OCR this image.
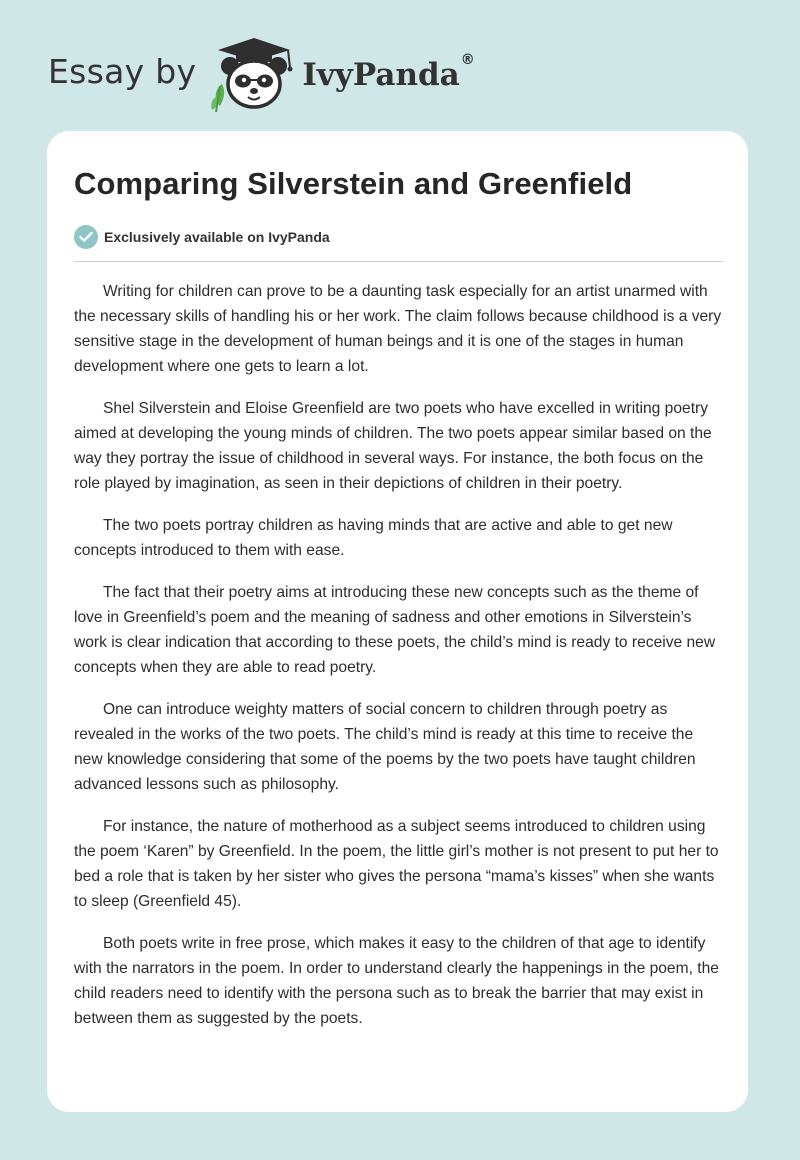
Essay by	IvyPanda ®
Comparing Silverstein and Greenfield
Exclusively available on IvyPanda

Writing for children can prove to be a daunting task especially for an artist unarmed with the necessary skills of handling his or her work. The claim follows because childhood is a very sensitive stage in the development of human beings and it is one of the stages in human development where one gets to learn a lot.

Shel Silverstein and Eloise Greenfield are two poets who have excelled in writing poetry aimed at developing the young minds of children. The two poets appear similar based on the way they portray the issue of childhood in several ways. For instance, the both focus on the role played by imagination, as seen in their depictions of children in their poetry.

The two poets portray children as having minds that are active and able to get new concepts introduced to them with ease.

The fact that their poetry aims at introducing these new concepts such as the theme of love in Greenfield’s poem and the meaning of sadness and other emotions in Silverstein’s work is clear indication that according to these poets, the child’s mind is ready to receive new concepts when they are able to read poetry.

One can introduce weighty matters of social concern to children through poetry as revealed in the works of the two poets. The child’s mind is ready at this time to receive the new knowledge considering that some of the poems by the two poets have taught children advanced lessons such as philosophy.

For instance, the nature of motherhood as a subject seems introduced to children using the poem ‘Karen” by Greenfield. In the poem, the little girl’s mother is not present to put her to bed a role that is taken by her sister who gives the persona “mama’s kisses” when she wants to sleep (Greenfield 45).

Both poets write in free prose, which makes it easy to the children of that age to identify with the narrators in the poem. In order to understand clearly the happenings in the poem, the child readers need to identify with the persona such as to break the barrier that may exist in between them as suggested by the poets.
